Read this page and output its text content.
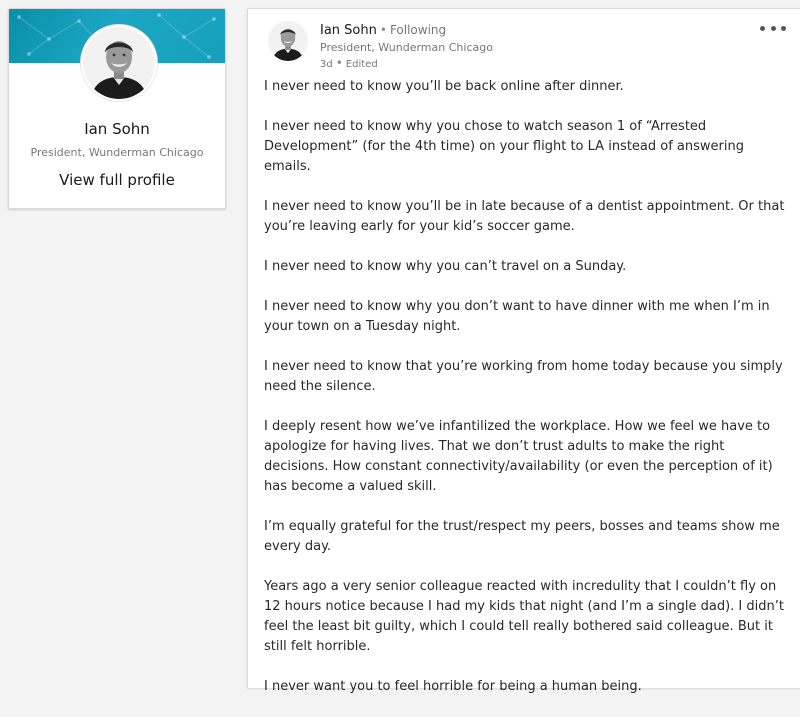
Ian Sohn
President, Wunderman Chicago
View full profile
Ian Sohn • Following
President, Wunderman Chicago
3d • Edited

I never need to know you’ll be back online after dinner.

I never need to know why you chose to watch season 1 of “Arrested Development” (for the 4th time) on your flight to LA instead of answering emails.

I never need to know you’ll be in late because of a dentist appointment. Or that you’re leaving early for your kid’s soccer game.

I never need to know why you can’t travel on a Sunday.

I never need to know why you don’t want to have dinner with me when I’m in your town on a Tuesday night.

I never need to know that you’re working from home today because you simply need the silence.

I deeply resent how we’ve infantilized the workplace. How we feel we have to apologize for having lives. That we don’t trust adults to make the right decisions. How constant connectivity/availability (or even the perception of it) has become a valued skill.

I’m equally grateful for the trust/respect my peers, bosses and teams show me every day.

Years ago a very senior colleague reacted with incredulity that I couldn’t fly on 12 hours notice because I had my kids that night (and I’m a single dad). I didn’t feel the least bit guilty, which I could tell really bothered said colleague. But it still felt horrible.

I never want you to feel horrible for being a human being.
